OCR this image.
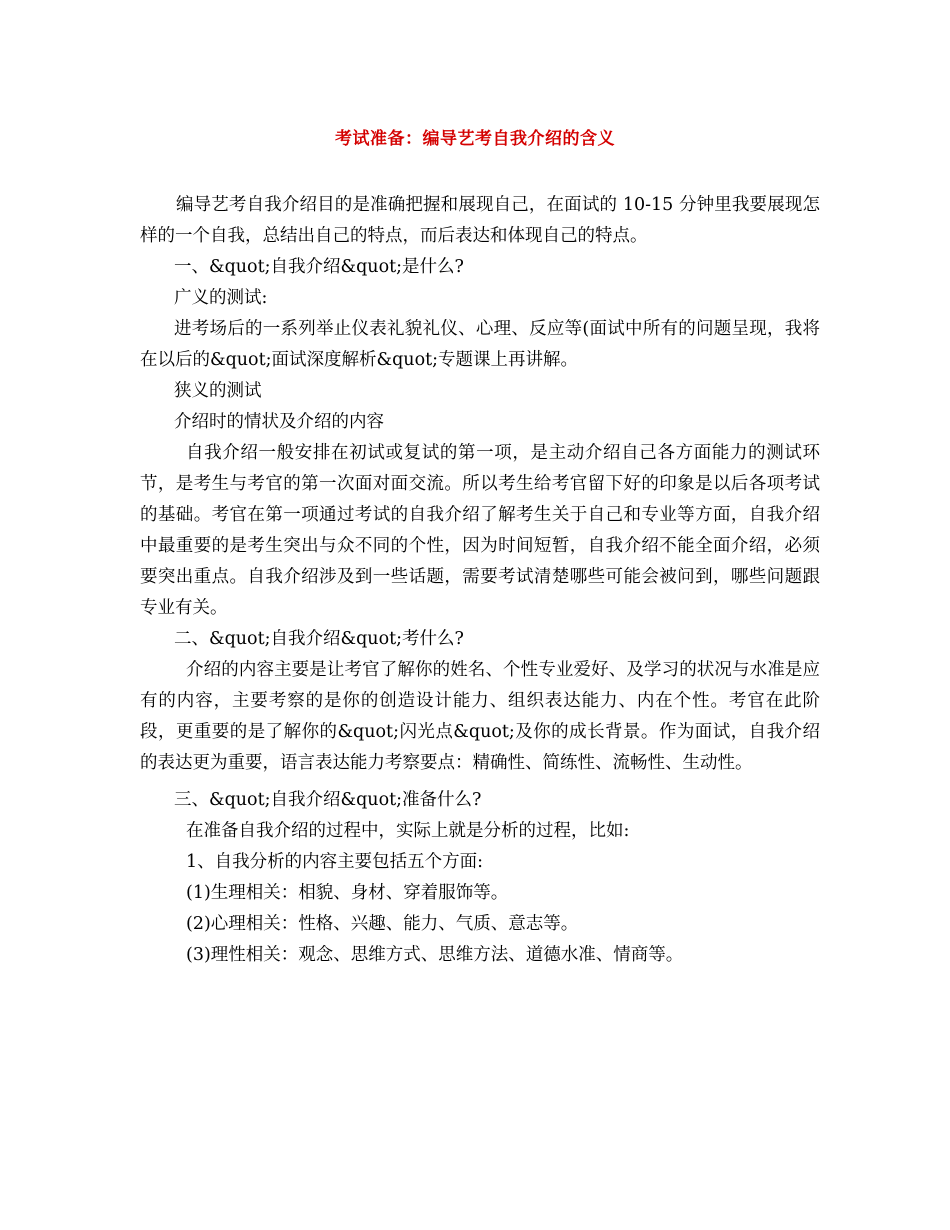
考试准备：编导艺考自我介绍的含义

编导艺考自我介绍目的是准确把握和展现自己，在面试的 10-15 分钟里我要展现怎样的一个自我，总结出自己的特点，而后表达和体现自己的特点。

一、&quot;自我介绍&quot;是什么?

广义的测试:

进考场后的一系列举止仪表礼貌礼仪、心理、反应等(面试中所有的问题呈现，我将在以后的&quot;面试深度解析&quot;专题课上再讲解。

狭义的测试

介绍时的情状及介绍的内容

自我介绍一般安排在初试或复试的第一项，是主动介绍自己各方面能力的测试环节，是考生与考官的第一次面对面交流。所以考生给考官留下好的印象是以后各项考试的基础。考官在第一项通过考试的自我介绍了解考生关于自己和专业等方面，自我介绍中最重要的是考生突出与众不同的个性，因为时间短暂，自我介绍不能全面介绍，必须要突出重点。自我介绍涉及到一些话题，需要考试清楚哪些可能会被问到，哪些问题跟专业有关。

二、&quot;自我介绍&quot;考什么?

介绍的内容主要是让考官了解你的姓名、个性专业爱好、及学习的状况与水准是应有的内容，主要考察的是你的创造设计能力、组织表达能力、内在个性。考官在此阶段，更重要的是了解你的&quot;闪光点&quot;及你的成长背景。作为面试，自我介绍的表达更为重要，语言表达能力考察要点：精确性、简练性、流畅性、生动性。

三、&quot;自我介绍&quot;准备什么?

在准备自我介绍的过程中，实际上就是分析的过程，比如:

1、自我分析的内容主要包括五个方面:

(1)生理相关：相貌、身材、穿着服饰等。

(2)心理相关：性格、兴趣、能力、气质、意志等。

(3)理性相关：观念、思维方式、思维方法、道德水准、情商等。
